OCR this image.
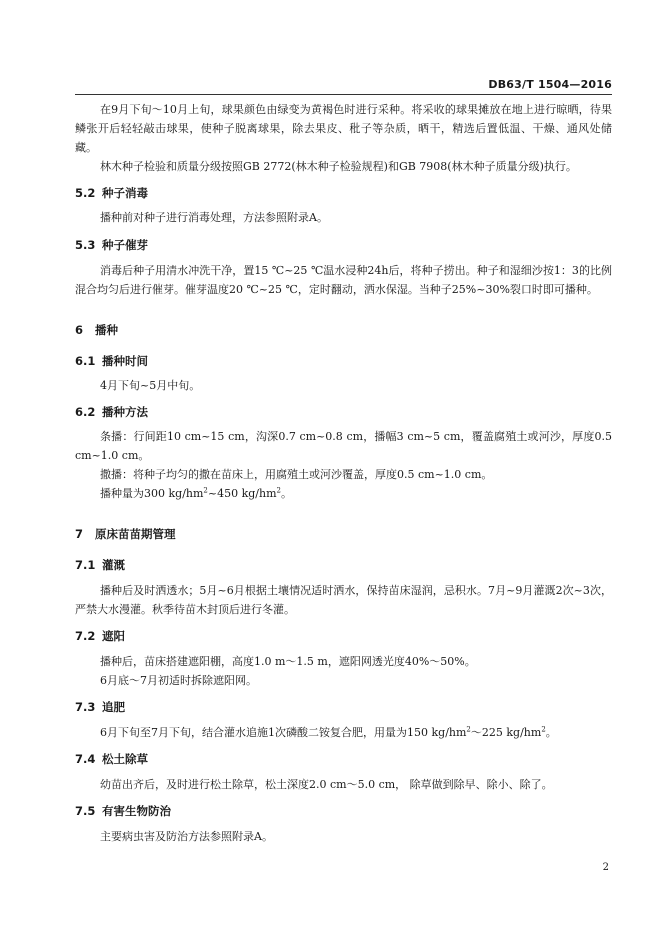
DB63/T 1504—2016

在9月下旬～10月上旬，球果颜色由绿变为黄褐色时进行采种。将采收的球果摊放在地上进行晾晒，待果鳞张开后轻轻敲击球果，使种子脱离球果，除去果皮、秕子等杂质，晒干，精选后置低温、干燥、通风处储藏。

林木种子检验和质量分级按照GB 2772(林木种子检验规程)和GB 7908(林木种子质量分级)执行。

5.2 种子消毒

播种前对种子进行消毒处理，方法参照附录A。

5.3 种子催芽

消毒后种子用清水冲洗干净，置15 ℃~25 ℃温水浸种24h后，将种子捞出。种子和湿细沙按1：3的比例混合均匀后进行催芽。催芽温度20 ℃~25 ℃，定时翻动，洒水保湿。当种子25%~30%裂口时即可播种。

6	播种
6.1 播种时间

4月下旬~5月中旬。

6.2 播种方法

条播：行间距10 cm~15 cm，沟深0.7 cm~0.8 cm，播幅3 cm~5 cm，覆盖腐殖土或河沙，厚度0.5 cm~1.0 cm。

撒播：将种子均匀的撒在苗床上，用腐殖土或河沙覆盖，厚度0.5 cm~1.0 cm。

播种量为300 $kg/hm^2\sim 450$ $kg/hm^2$。

7	原床苗苗期管理
7.1 灌溉

播种后及时洒透水；5月~6月根据土壤情况适时洒水，保持苗床湿润，忌积水。7月~9月灌溉2次~3次，严禁大水漫灌。秋季待苗木封顶后进行冬灌。

7.2 遮阳

播种后，苗床搭建遮阳棚，高度1.0 m～1.5 m，遮阳网透光度40%～50%。

6月底～7月初适时拆除遮阳网。

7.3 追肥

6月下旬至7月下旬，结合灌水追施1次磷酸二铵复合肥，用量为150 $kg/hm^2\sim 225$ $kg/hm^2$。

7.4 松土除草

幼苗出齐后，及时进行松土除草，松土深度2.0 cm～5.0 cm， 除草做到除早、除小、除了。

7.5 有害生物防治

主要病虫害及防治方法参照附录A。

2
